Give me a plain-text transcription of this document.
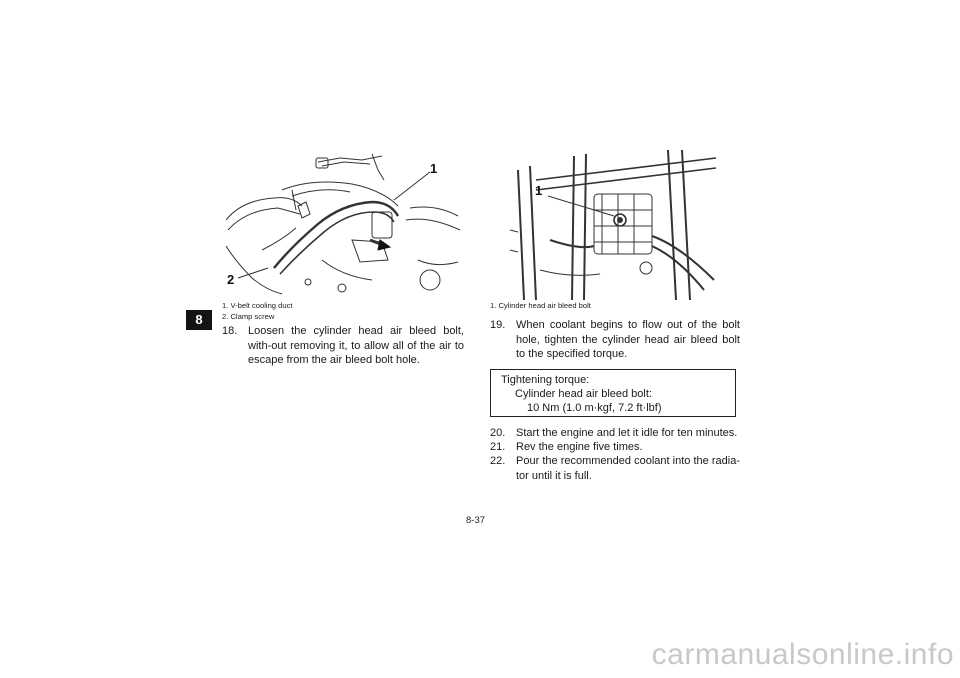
8
1
2
1. V-belt cooling duct
2. Clamp screw
1
1. Cylinder head air bleed bolt
18. Loosen the cylinder head air bleed bolt, with-out removing it, to allow all of the air to escape from the air bleed bolt hole.
19. When coolant begins to flow out of the bolt hole, tighten the cylinder head air bleed bolt to the specified torque.
Tightening torque:
Cylinder head air bleed bolt:
10 Nm (1.0 m·kgf, 7.2 ft·lbf)
20. Start the engine and let it idle for ten minutes.
21. Rev the engine five times.
22. Pour the recommended coolant into the radia-tor until it is full.
8-37
carmanualsonline.info
